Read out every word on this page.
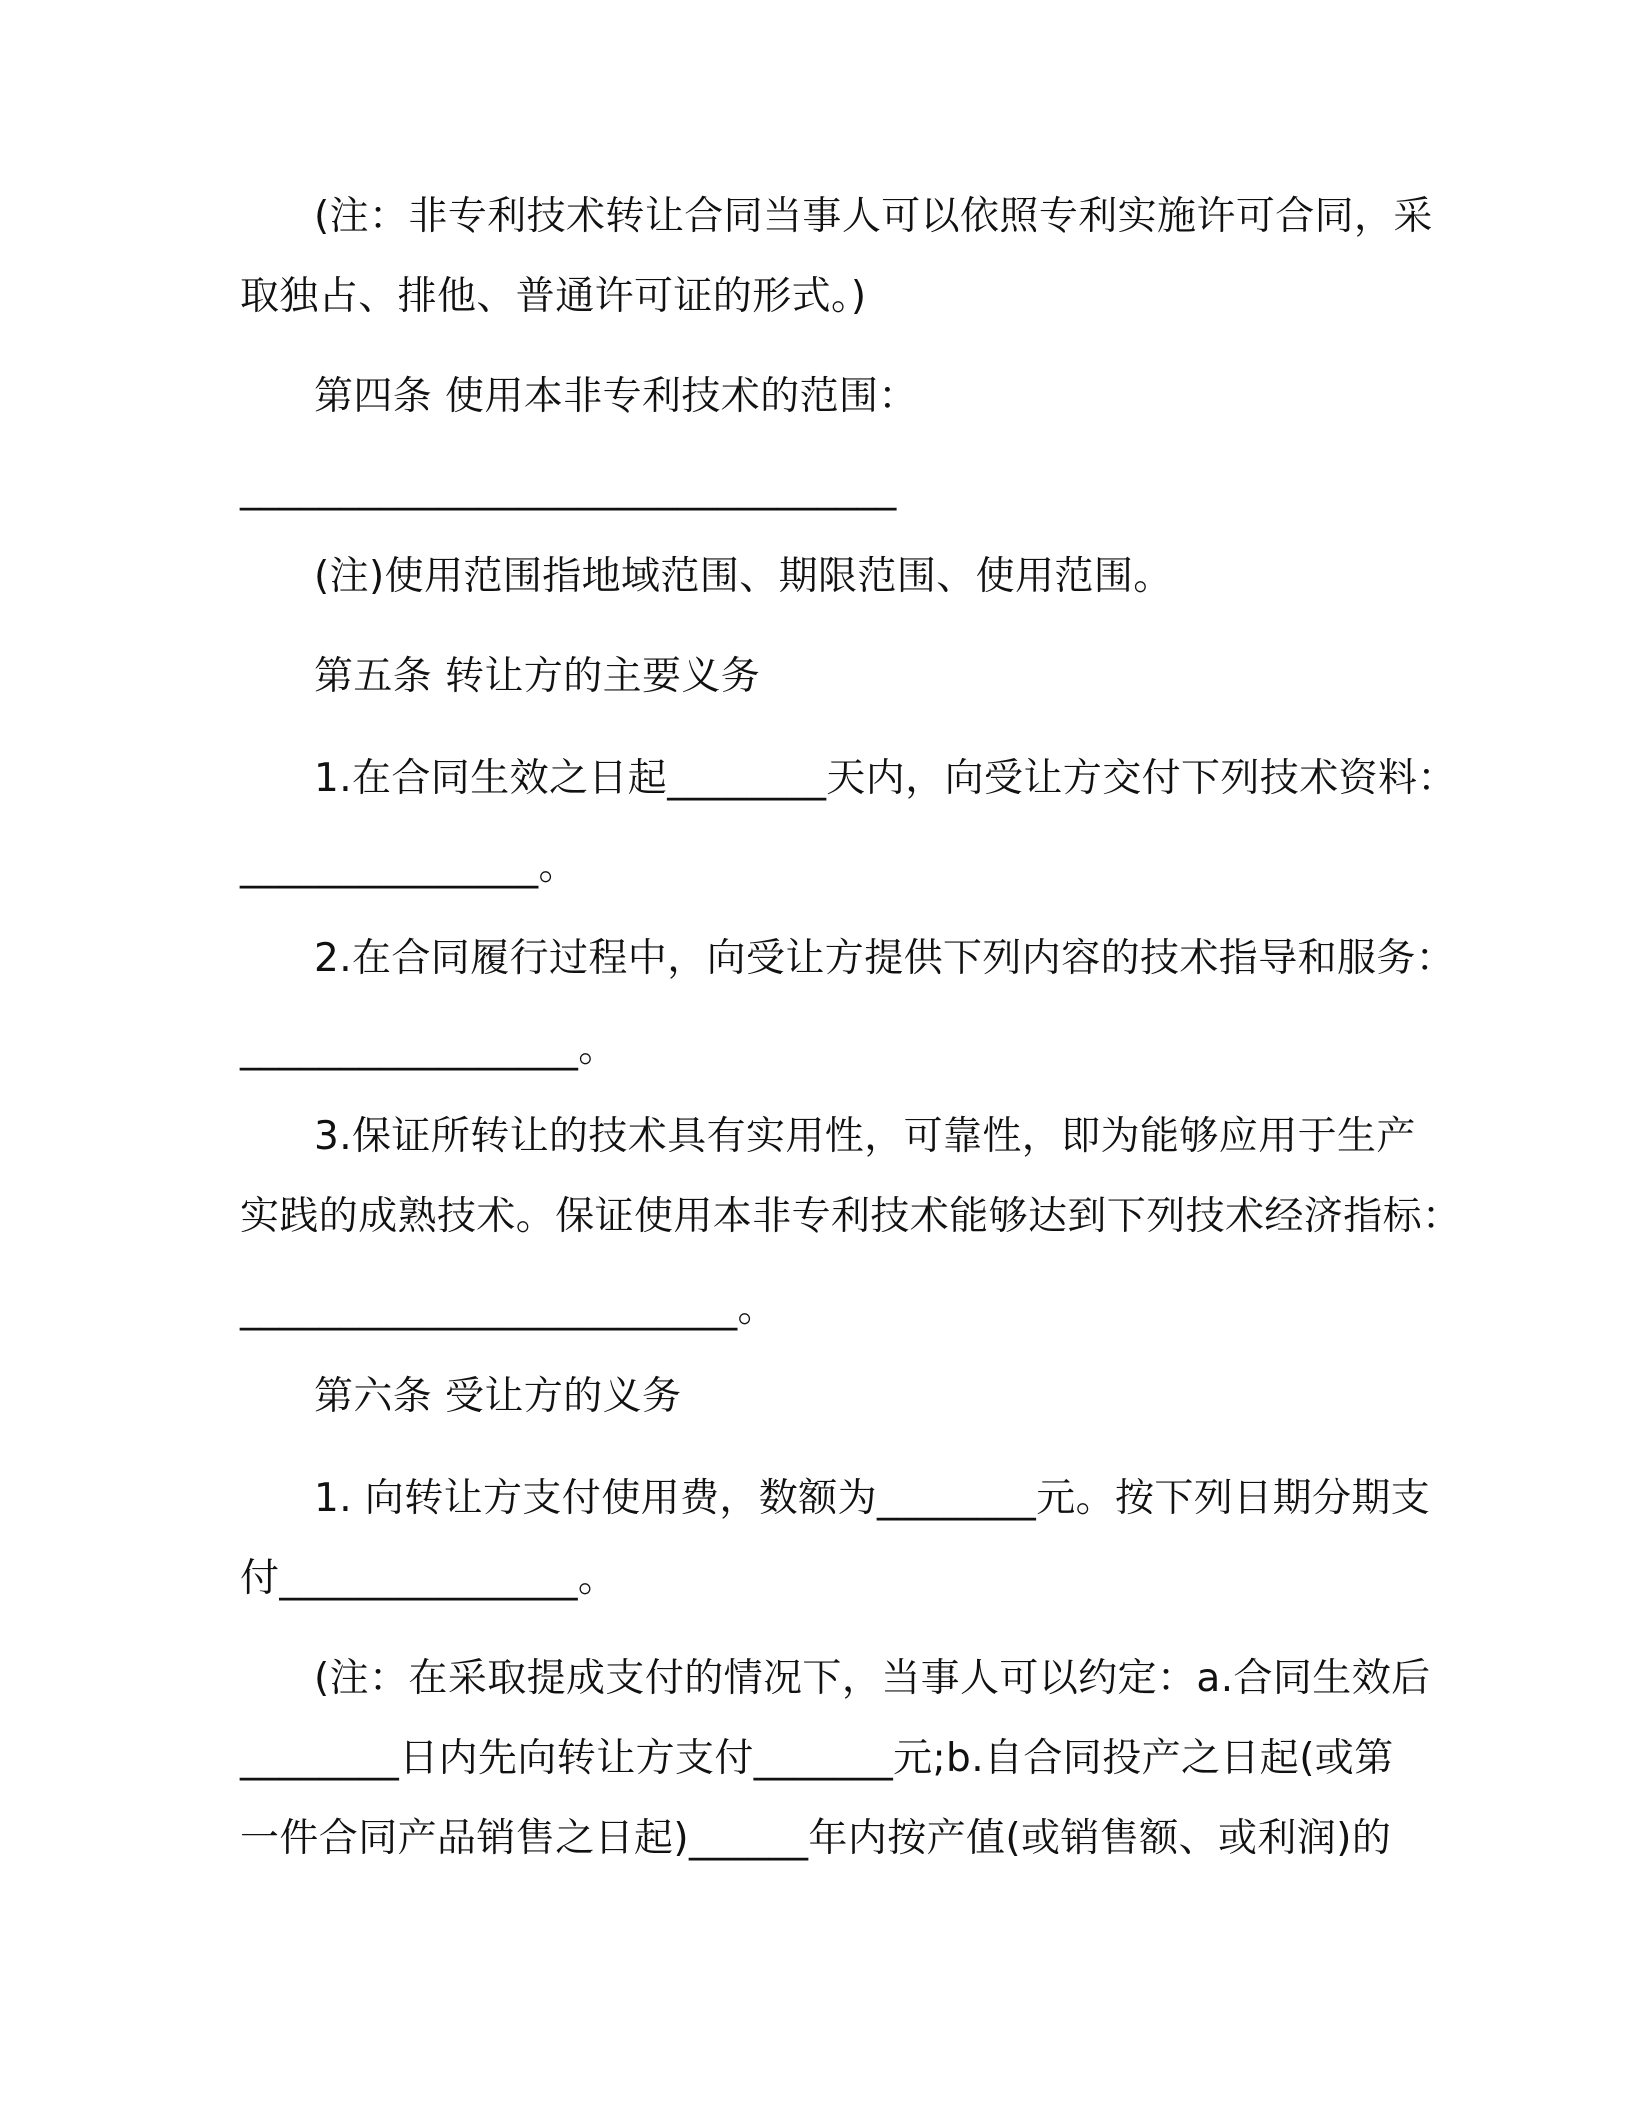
(注：非专利技术转让合同当事人可以依照专利实施许可合同，采
取独占、排他、普通许可证的形式。)
第四条 使用本非专利技术的范围：
_________________________________
(注)使用范围指地域范围、期限范围、使用范围。
第五条 转让方的主要义务
1.在合同生效之日起________天内，向受让方交付下列技术资料：
_______________。
2.在合同履行过程中，向受让方提供下列内容的技术指导和服务：
_________________。
3.保证所转让的技术具有实用性，可靠性，即为能够应用于生产
实践的成熟技术。保证使用本非专利技术能够达到下列技术经济指标：
_________________________。
第六条 受让方的义务
1. 向转让方支付使用费，数额为________元。按下列日期分期支
付_______________。
(注：在采取提成支付的情况下，当事人可以约定：a.合同生效后
________日内先向转让方支付_______元;b.自合同投产之日起(或第
一件合同产品销售之日起)______年内按产值(或销售额、或利润)的
